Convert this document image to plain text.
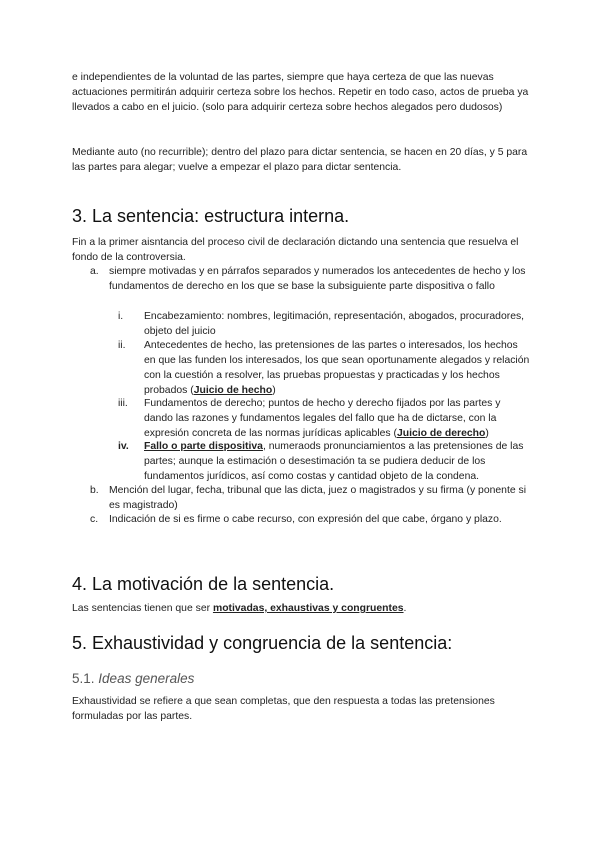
e independientes de la voluntad de las partes, siempre que haya certeza de que las nuevas actuaciones permitirán adquirir certeza sobre los hechos. Repetir en todo caso, actos de prueba ya llevados a cabo en el juicio. (solo para adquirir certeza sobre hechos alegados pero dudosos)

Mediante auto (no recurrible); dentro del plazo para dictar sentencia, se hacen en 20 días, y 5 para las partes para alegar; vuelve a empezar el plazo para dictar sentencia.

3. La sentencia: estructura interna.

Fin a la primer aisntancia del proceso civil de declaración dictando una sentencia que resuelva el fondo de la controversia.

a. siempre motivadas y en párrafos separados y numerados los antecedentes de hecho y los fundamentos de derecho en los que se base la subsiguiente parte dispositiva o fallo
i. Encabezamiento: nombres, legitimación, representación, abogados, procuradores, objeto del juicio
ii. Antecedentes de hecho, las pretensiones de las partes o interesados, los hechos en que las funden los interesados, los que sean oportunamente alegados y relación con la cuestión a resolver, las pruebas propuestas y practicadas y los hechos probados (Juicio de hecho)
iii. Fundamentos de derecho; puntos de hecho y derecho fijados por las partes y dando las razones y fundamentos legales del fallo que ha de dictarse, con la expresión concreta de las normas jurídicas aplicables (Juicio de derecho)
iv. Fallo o parte dispositiva, numeraods pronunciamientos a las pretensiones de las partes; aunque la estimación o desestimación ta se pudiera deducir de los fundamentos jurídicos, así como costas y cantidad objeto de la condena.
b. Mención del lugar, fecha, tribunal que las dicta, juez o magistrados y su firma (y ponente si es magistrado)
c. Indicación de si es firme o cabe recurso, con expresión del que cabe, órgano y plazo.
4. La motivación de la sentencia.

Las sentencias tienen que ser motivadas, exhaustivas y congruentes.

5. Exhaustividad y congruencia de la sentencia:
5.1. Ideas generales

Exhaustividad se refiere a que sean completas, que den respuesta a todas las pretensiones formuladas por las partes.
